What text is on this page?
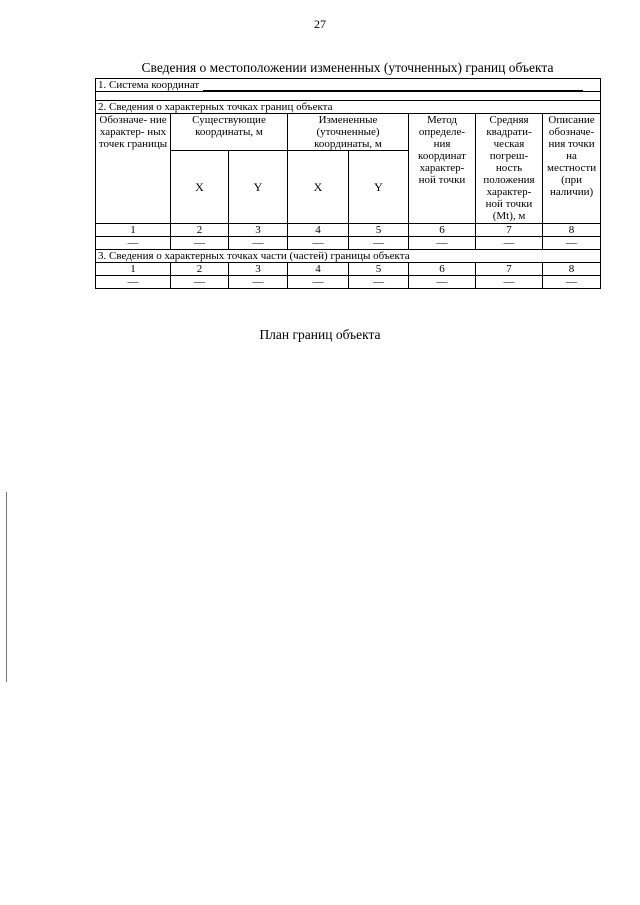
27
Сведения о местоположении измененных (уточненных) границ объекта
1. Система координат							

2. Сведения о характерных точках границ объекта							
Обозначе- ние характер- ных точек границы	Существующие координаты, м		Измененные (уточненные) координаты, м		Метод определе- ния координат характер- ной точки	Средняя квадрати- ческая погреш- ность положения характер- ной точки (Mt), м	Описание обозначе- ния точки на местности (при наличии)
	X	Y	X	Y			
1	2	3	4	5	6	7	8
—	—	—	—	—	—	—	—
3. Сведения о характерных точках части (частей) границы объекта							
1	2	3	4	5	6	7	8
—	—	—	—	—	—	—	—
План границ объекта
